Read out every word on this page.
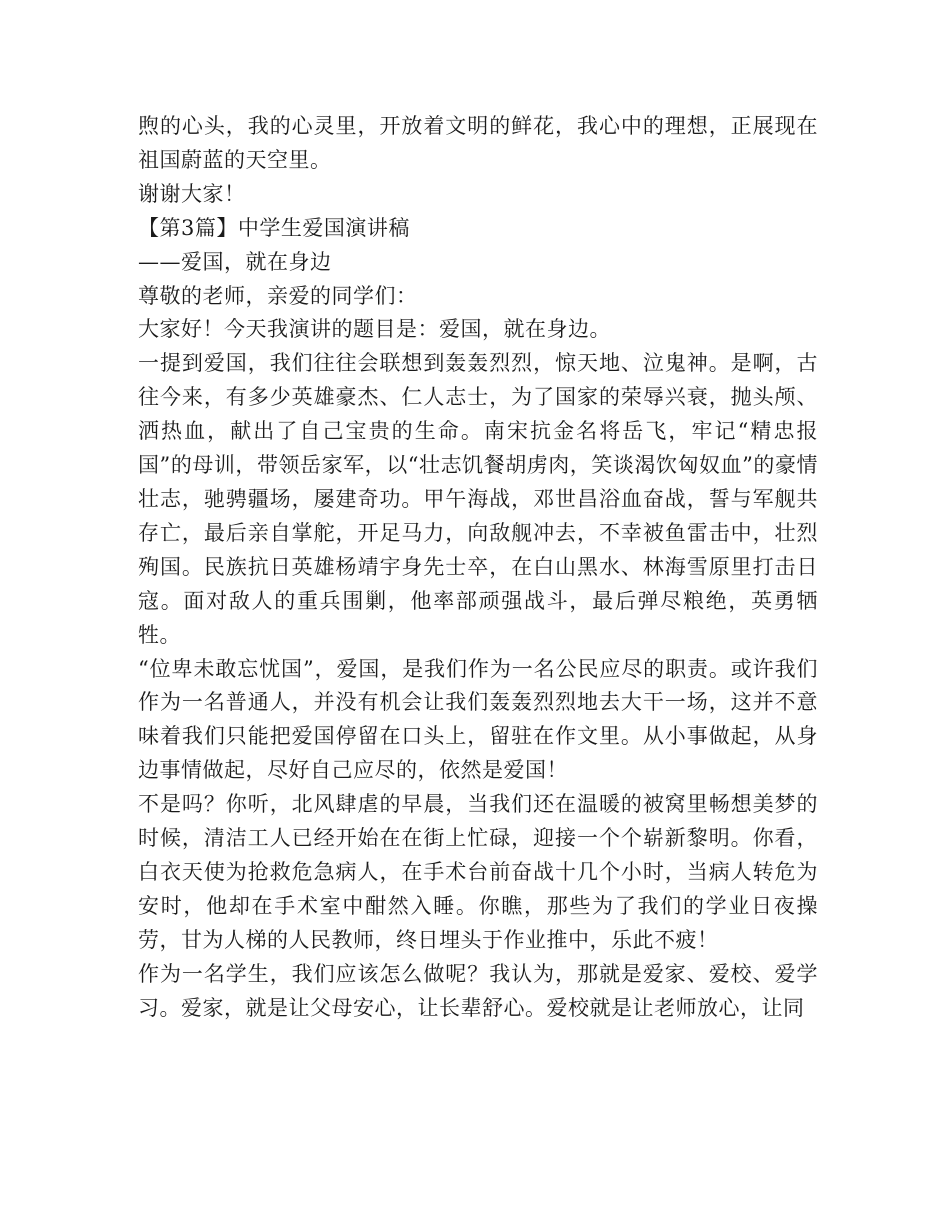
煦的心头，我的心灵里，开放着文明的鲜花，我心中的理想，正展现在祖国蔚蓝的天空里。

谢谢大家！

【第3篇】中学生爱国演讲稿

——爱国，就在身边

尊敬的老师，亲爱的同学们：

大家好！今天我演讲的题目是：爱国，就在身边。

一提到爱国，我们往往会联想到轰轰烈烈，惊天地、泣鬼神。是啊，古往今来，有多少英雄豪杰、仁人志士，为了国家的荣辱兴衰，抛头颅、洒热血，献出了自己宝贵的生命。南宋抗金名将岳飞，牢记“精忠报国”的母训，带领岳家军，以“壮志饥餐胡虏肉，笑谈渴饮匈奴血”的豪情壮志，驰骋疆场，屡建奇功。甲午海战，邓世昌浴血奋战，誓与军舰共存亡，最后亲自掌舵，开足马力，向敌舰冲去，不幸被鱼雷击中，壮烈殉国。民族抗日英雄杨靖宇身先士卒，在白山黑水、林海雪原里打击日寇。面对敌人的重兵围剿，他率部顽强战斗，最后弹尽粮绝，英勇牺牲。

“位卑未敢忘忧国”，爱国，是我们作为一名公民应尽的职责。或许我们作为一名普通人，并没有机会让我们轰轰烈烈地去大干一场，这并不意味着我们只能把爱国停留在口头上，留驻在作文里。从小事做起，从身边事情做起，尽好自己应尽的，依然是爱国！

不是吗？你听，北风肆虐的早晨，当我们还在温暖的被窝里畅想美梦的时候，清洁工人已经开始在在街上忙碌，迎接一个个崭新黎明。你看，白衣天使为抢救危急病人，在手术台前奋战十几个小时，当病人转危为安时，他却在手术室中酣然入睡。你瞧，那些为了我们的学业日夜操劳，甘为人梯的人民教师，终日埋头于作业推中，乐此不疲！

作为一名学生，我们应该怎么做呢？我认为，那就是爱家、爱校、爱学习。爱家，就是让父母安心，让长辈舒心。爱校就是让老师放心，让同
